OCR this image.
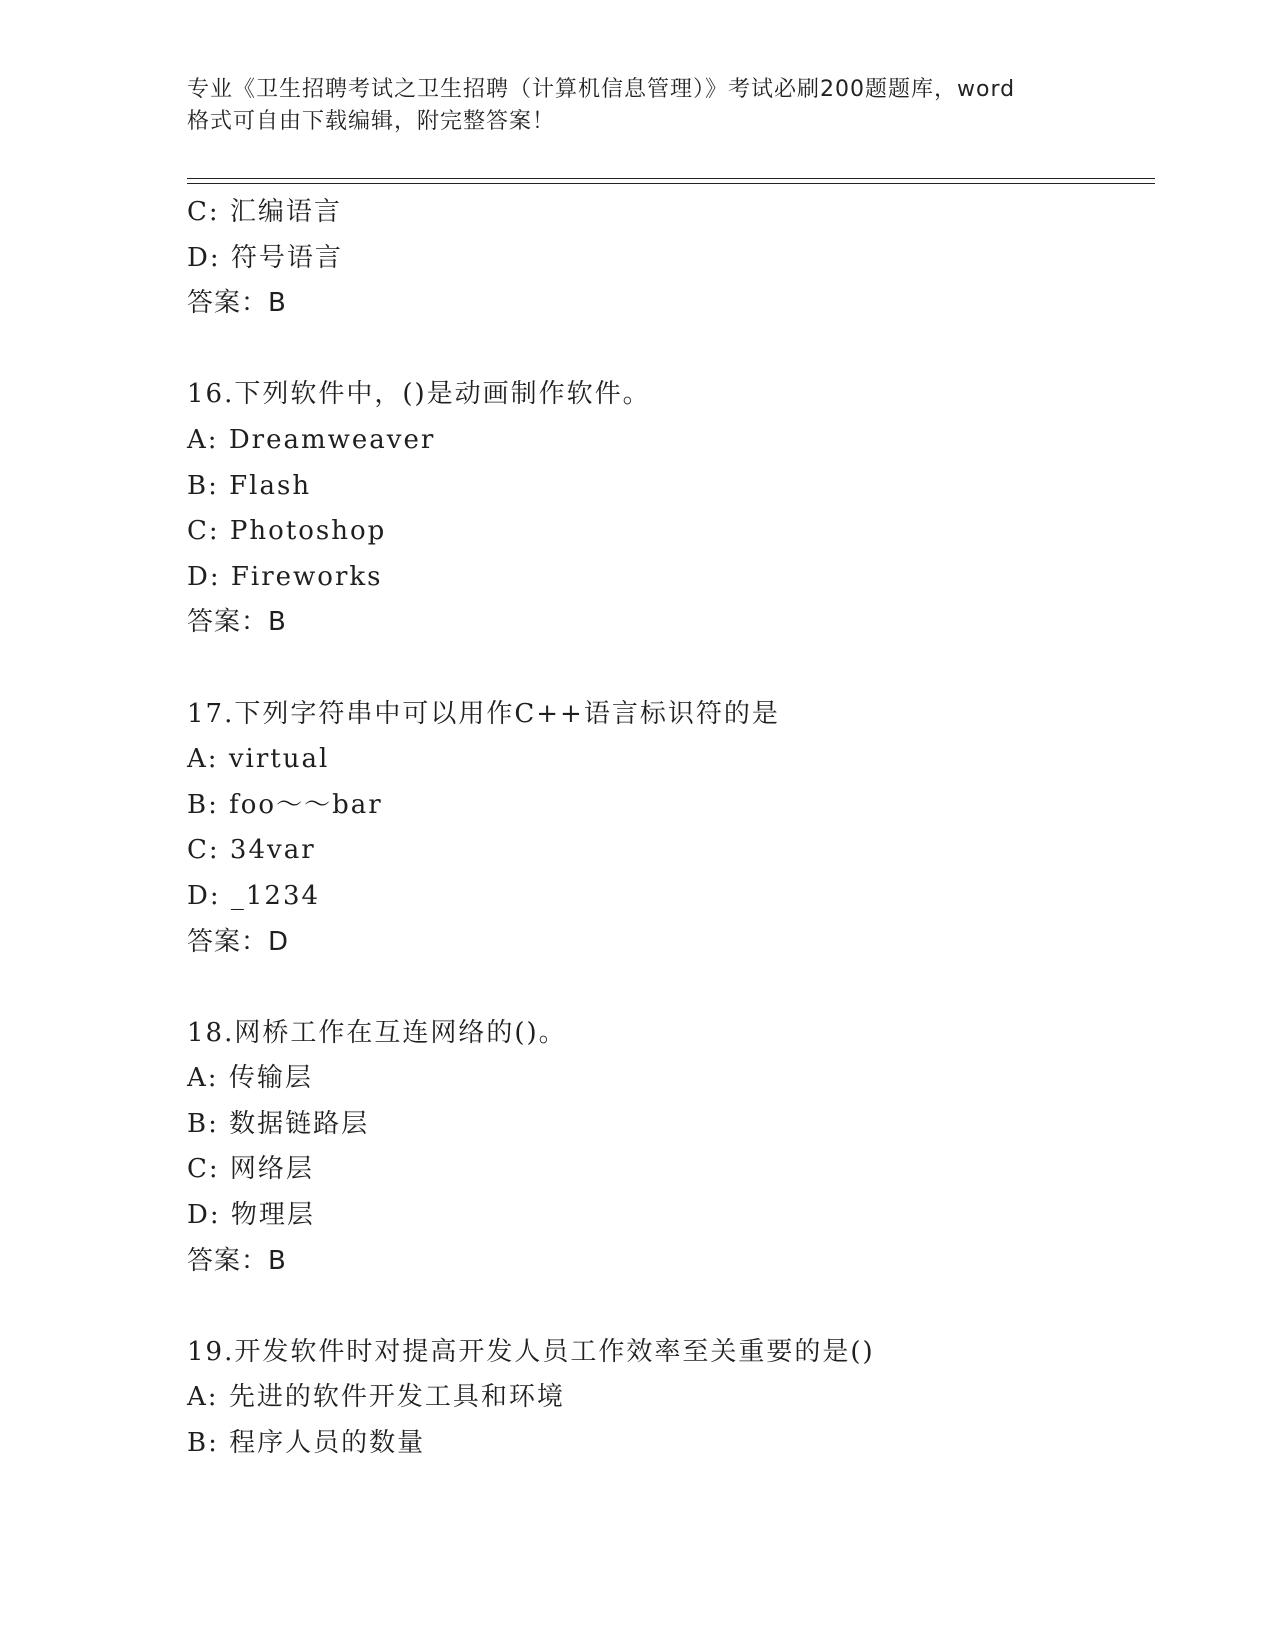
专业《卫生招聘考试之卫生招聘（计算机信息管理）》考试必刷200题题库，word
格式可自由下载编辑，附完整答案！
C: 汇编语言
D: 符号语言
答案：B
16.下列软件中，()是动画制作软件。
A: Dreamweaver
B: Flash
C: Photoshop
D: Fireworks
答案：B
17.下列字符串中可以用作C++语言标识符的是
A: virtual
B: foo～～bar
C: 34var
D: _1234
答案：D
18.网桥工作在互连网络的()。
A: 传输层
B: 数据链路层
C: 网络层
D: 物理层
答案：B
19.开发软件时对提高开发人员工作效率至关重要的是()
A: 先进的软件开发工具和环境
B: 程序人员的数量
